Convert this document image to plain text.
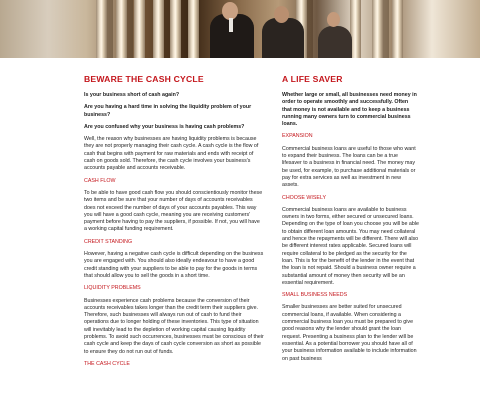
BEWARE THE CASH CYCLE

Is your business short of cash again?

Are you having a hard time in solving the liquidity problem of your business?

Are you confused why your business is having cash problems?

Well, the reason why businesses are having liquidity problems is because they are not properly managing their cash cycle. A cash cycle is the flow of cash that begins with payment for raw materials and ends with receipt of cash on goods sold. Therefore, the cash cycle involves your business's accounts payable and accounts receivable.

CASH FLOW

To be able to have good cash flow you should conscientiously monitor these two items and be sure that your number of days of accounts receivables does not exceed the number of days of your accounts payables. This way you will have a good cash cycle, meaning you are receiving customers' payment before having to pay the suppliers, if possible. If not, you will have a working capital funding requirement.

CREDIT STANDING

However, having a negative cash cycle is difficult depending on the business you are engaged with. You should also ideally endeavour to have a good credit standing with your suppliers to be able to pay for the goods in terms that should allow you to sell the goods in a short time.

LIQUIDITY PROBLEMS

Businesses experience cash problems because the conversion of their accounts receivables takes longer than the credit term their suppliers give. Therefore, such businesses will always run out of cash to fund their operations due to longer holding of these inventories. This type of situation will inevitably lead to the depletion of working capital causing liquidity problems. To avoid such occurrences, businesses must be conscious of their cash cycle and keep the days of cash cycle conversion as short as possible to ensure they do not run out of funds.

THE CASH CYCLE
A LIFE SAVER

Whether large or small, all businesses need money in order to operate smoothly and successfully. Often that money is not available and to keep a business running many owners turn to commercial business loans.

EXPANSION

Commercial business loans are useful to those who want to expand their business. The loans can be a true lifesaver to a business in financial need. The money may be used, for example, to purchase additional materials or pay for extra services as well as investment in new assets.

CHOOSE WISELY

Commercial business loans are available to business owners in two forms, either secured or unsecured loans. Depending on the type of loan you choose you will be able to obtain different loan amounts. You may need collateral and hence the repayments will be different. There will also be different interest rates applicable. Secured loans will require collateral to be pledged as the security for the loan. This is for the benefit of the lender in the event that the loan is not repaid. Should a business owner require a substantial amount of money then security will be an essential requirement.

SMALL BUSINESS NEEDS

Smaller businesses are better suited for unsecured commercial loans, if available. When considering a commercial business loan you must be prepared to give good reasons why the lender should grant the loan request. Presenting a business plan to the lender will be essential. As a potential borrower you should have all of your business information available to include information on past business
